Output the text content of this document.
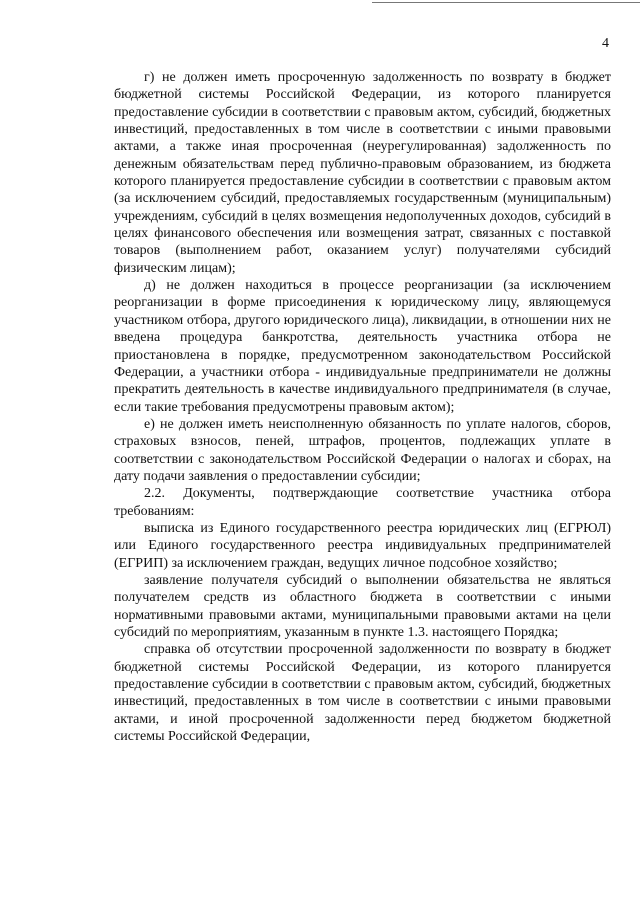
4

г) не должен иметь просроченную задолженность по возврату в бюджет бюджетной системы Российской Федерации, из которого планируется предоставление субсидии в соответствии с правовым актом, субсидий, бюджетных инвестиций, предоставленных в том числе в соответствии с иными правовыми актами, а также иная просроченная (неурегулированная) задолженность по денежным обязательствам перед публично-правовым образованием, из бюджета которого планируется предоставление субсидии в соответствии с правовым актом (за исключением субсидий, предоставляемых государственным (муниципальным) учреждениям, субсидий в целях возмещения недополученных доходов, субсидий в целях финансового обеспечения или возмещения затрат, связанных с поставкой товаров (выполнением работ, оказанием услуг) получателями субсидий физическим лицам);

д) не должен находиться в процессе реорганизации (за исключением реорганизации в форме присоединения к юридическому лицу, являющемуся участником отбора, другого юридического лица), ликвидации, в отношении них не введена процедура банкротства, деятельность участника отбора не приостановлена в порядке, предусмотренном законодательством Российской Федерации, а участники отбора - индивидуальные предприниматели не должны прекратить деятельность в качестве индивидуального предпринимателя (в случае, если такие требования предусмотрены правовым актом);

е) не должен иметь неисполненную обязанность по уплате налогов, сборов, страховых взносов, пеней, штрафов, процентов, подлежащих уплате в соответствии с законодательством Российской Федерации о налогах и сборах, на дату подачи заявления о предоставлении субсидии;

2.2. Документы, подтверждающие соответствие участника отбора требованиям:

выписка из Единого государственного реестра юридических лиц (ЕГРЮЛ) или Единого государственного реестра индивидуальных предпринимателей (ЕГРИП) за исключением граждан, ведущих личное подсобное хозяйство;

заявление получателя субсидий о выполнении обязательства не являться получателем средств из областного бюджета в соответствии с иными нормативными правовыми актами, муниципальными правовыми актами на цели субсидий по мероприятиям, указанным в пункте 1.3. настоящего Порядка;

справка об отсутствии просроченной задолженности по возврату в бюджет бюджетной системы Российской Федерации, из которого планируется предоставление субсидии в соответствии с правовым актом, субсидий, бюджетных инвестиций, предоставленных в том числе в соответствии с иными правовыми актами, и иной просроченной задолженности перед бюджетом бюджетной системы Российской Федерации,
